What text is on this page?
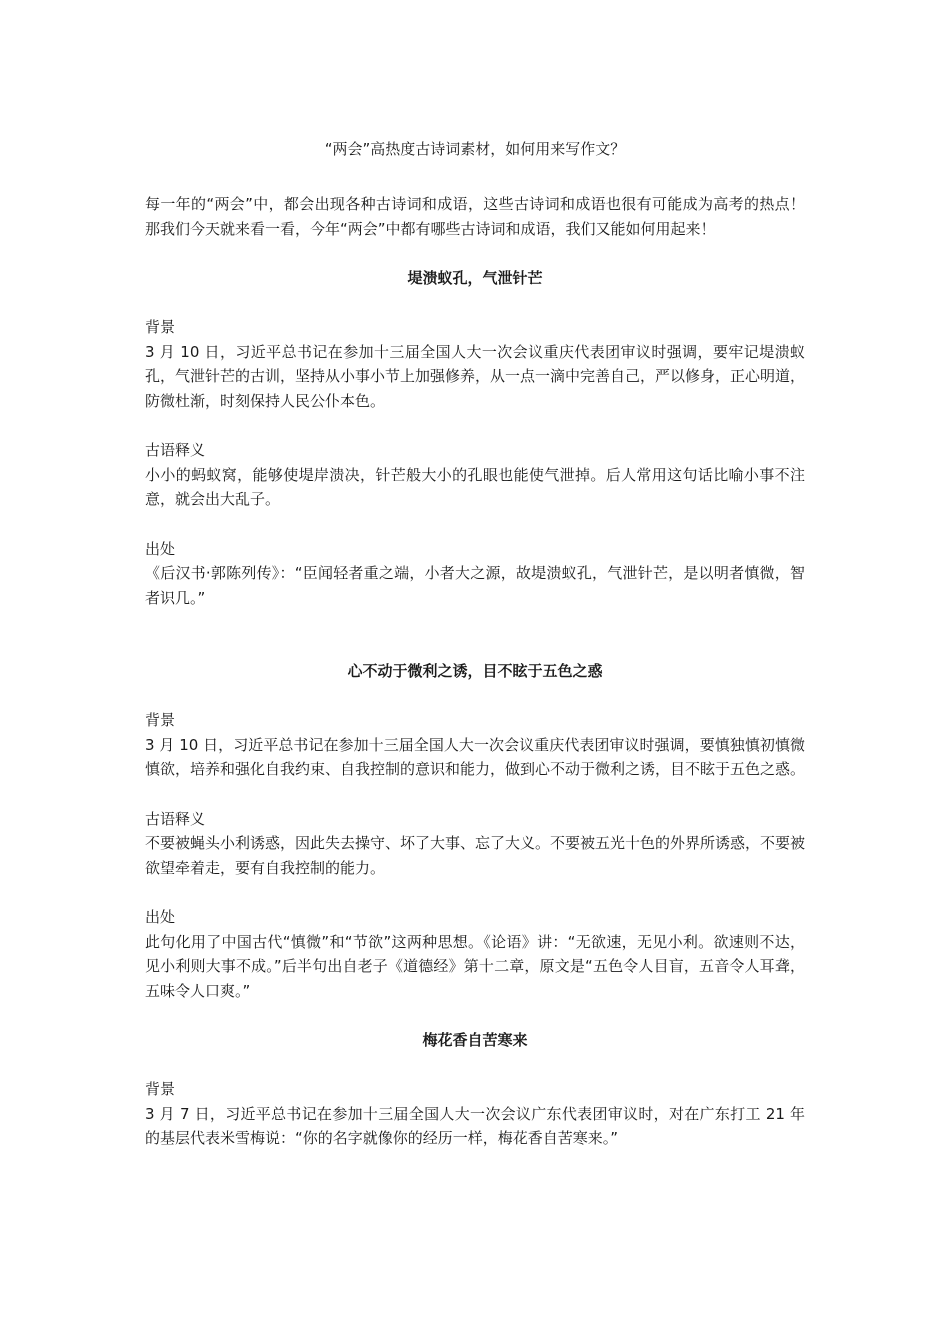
“两会”高热度古诗词素材，如何用来写作文？

每一年的“两会”中，都会出现各种古诗词和成语，这些古诗词和成语也很有可能成为高考的热点！那我们今天就来看一看，今年“两会”中都有哪些古诗词和成语，我们又能如何用起来！

堤溃蚁孔，气泄针芒

背景

3 月 10 日，习近平总书记在参加十三届全国人大一次会议重庆代表团审议时强调，要牢记堤溃蚁孔，气泄针芒的古训，坚持从小事小节上加强修养，从一点一滴中完善自己，严以修身，正心明道，防微杜渐，时刻保持人民公仆本色。

古语释义

小小的蚂蚁窝，能够使堤岸溃决，针芒般大小的孔眼也能使气泄掉。后人常用这句话比喻小事不注意，就会出大乱子。

出处

《后汉书·郭陈列传》：“臣闻轻者重之端，小者大之源，故堤溃蚁孔，气泄针芒，是以明者慎微，智者识几。”

心不动于微利之诱，目不眩于五色之惑

背景

3 月 10 日，习近平总书记在参加十三届全国人大一次会议重庆代表团审议时强调，要慎独慎初慎微慎欲，培养和强化自我约束、自我控制的意识和能力，做到心不动于微利之诱，目不眩于五色之惑。

古语释义

不要被蝇头小利诱惑，因此失去操守、坏了大事、忘了大义。不要被五光十色的外界所诱惑，不要被欲望牵着走，要有自我控制的能力。

出处

此句化用了中国古代“慎微”和“节欲”这两种思想。《论语》讲：“无欲速，无见小利。欲速则不达，见小利则大事不成。”后半句出自老子《道德经》第十二章，原文是“五色令人目盲，五音令人耳聋，五味令人口爽。”

梅花香自苦寒来

背景

3 月 7 日，习近平总书记在参加十三届全国人大一次会议广东代表团审议时，对在广东打工 21 年的基层代表米雪梅说：“你的名字就像你的经历一样，梅花香自苦寒来。”
